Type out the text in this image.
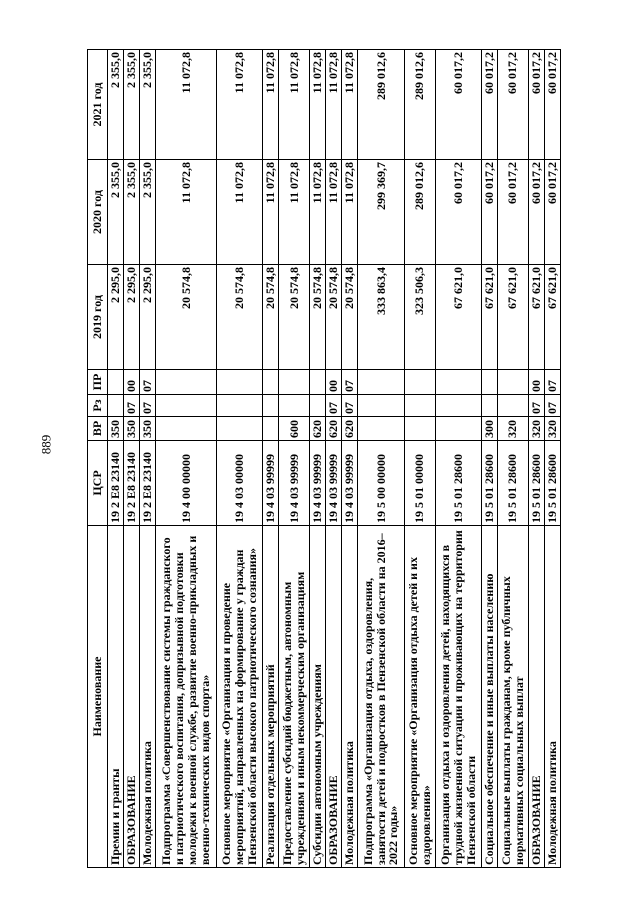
889
Наименование	ЦСР	ВР	Рз	ПР	2019 год	2020 год	2021 год
Премии и гранты	19 2 E8 23140	350			2 295,0	2 355,0	2 355,0
ОБРАЗОВАНИЕ	19 2 E8 23140	350	07	00	2 295,0	2 355,0	2 355,0
Молодежная политика	19 2 E8 23140	350	07	07	2 295,0	2 355,0	2 355,0
Подпрограмма «Совершенствование системы гражданского и патриотического воспитания, допризывной подготовки молодежи к военной службе, развитие военно-прикладных и военно-технических видов спорта»	19 4 00 00000				20 574,8	11 072,8	11 072,8
Основное мероприятие «Организация и проведение мероприятий, направленных на формирование у граждан Пензенской области высокого патриотического сознания»	19 4 03 00000				20 574,8	11 072,8	11 072,8
Реализация отдельных мероприятий	19 4 03 99999				20 574,8	11 072,8	11 072,8
Предоставление субсидий бюджетным, автономным учреждениям и иным некоммерческим организациям	19 4 03 99999	600			20 574,8	11 072,8	11 072,8
Субсидии автономным учреждениям	19 4 03 99999	620			20 574,8	11 072,8	11 072,8
ОБРАЗОВАНИЕ	19 4 03 99999	620	07	00	20 574,8	11 072,8	11 072,8
Молодежная политика	19 4 03 99999	620	07	07	20 574,8	11 072,8	11 072,8
Подпрограмма «Организация отдыха, оздоровления, занятости детей и подростков в Пензенской области на 2016–2022 годы»	19 5 00 00000				333 863,4	299 369,7	289 012,6
Основное мероприятие «Организация отдыха детей и их оздоровления»	19 5 01 00000				323 506,3	289 012,6	289 012,6
Организация отдыха и оздоровления детей, находящихся в трудной жизненной ситуации и проживающих на территории Пензенской области	19 5 01 28600				67 621,0	60 017,2	60 017,2
Социальное обеспечение и иные выплаты населению	19 5 01 28600	300			67 621,0	60 017,2	60 017,2
Социальные выплаты гражданам, кроме публичных нормативных социальных выплат	19 5 01 28600	320			67 621,0	60 017,2	60 017,2
ОБРАЗОВАНИЕ	19 5 01 28600	320	07	00	67 621,0	60 017,2	60 017,2
Молодежная политика	19 5 01 28600	320	07	07	67 621,0	60 017,2	60 017,2
